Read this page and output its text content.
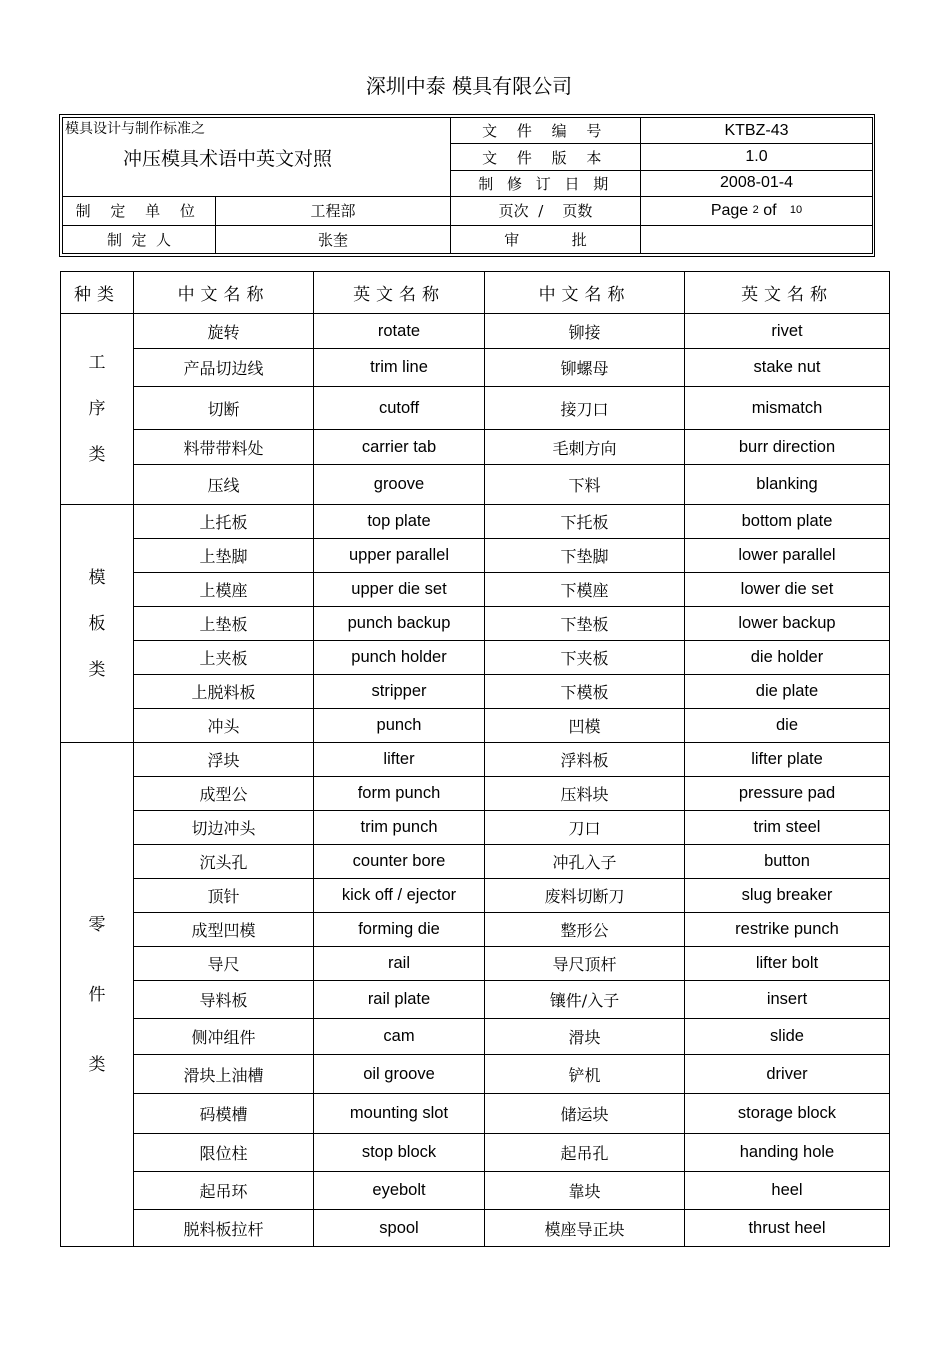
深圳中泰 模具有限公司
模具设计与制作标准之
冲压模具术语中英文对照
	文 件 编 号	KTBZ-43
文 件 版 本	1.0
制 修 订 日 期	2008-01-4

制 定 单 位	工程部
		页次  /    页数	Page 2 of 10

制  定  人	张奎
		审           批	
种类	中文名称	英文名称	中文名称	英文名称

工
序
类	旋转	rotate	铆接	rivet
	产品切边线	trim line	铆螺母	stake nut
	切断	cutoff	接刀口	mismatch
	料带带料处	carrier tab	毛刺方向	burr direction
	压线	groove	下料	blanking

模
板
类	上托板	top plate	下托板	bottom plate
	上垫脚	upper parallel	下垫脚	lower parallel
	上模座	upper die set	下模座	lower die set
	上垫板	punch backup	下垫板	lower backup
	上夹板	punch holder	下夹板	die holder
	上脱料板	stripper	下模板	die plate
	冲头	punch	凹模	die

零
件
类	浮块	lifter	浮料板	lifter plate
	成型公	form punch	压料块	pressure pad
	切边冲头	trim punch	刀口	trim steel
	沉头孔	counter bore	冲孔入子	button
	顶针	kick off / ejector	废料切断刀	slug breaker
	成型凹模	forming die	整形公	restrike punch
	导尺	rail	导尺顶杆	lifter bolt
	导料板	rail plate	镶件/入子	insert
	侧冲组件	cam	滑块	slide
	滑块上油槽	oil groove	铲机	driver
	码模槽	mounting slot	储运块	storage block
	限位柱	stop block	起吊孔	handing hole
	起吊环	eyebolt	靠块	heel
	脱料板拉杆	spool	模座导正块	thrust heel
